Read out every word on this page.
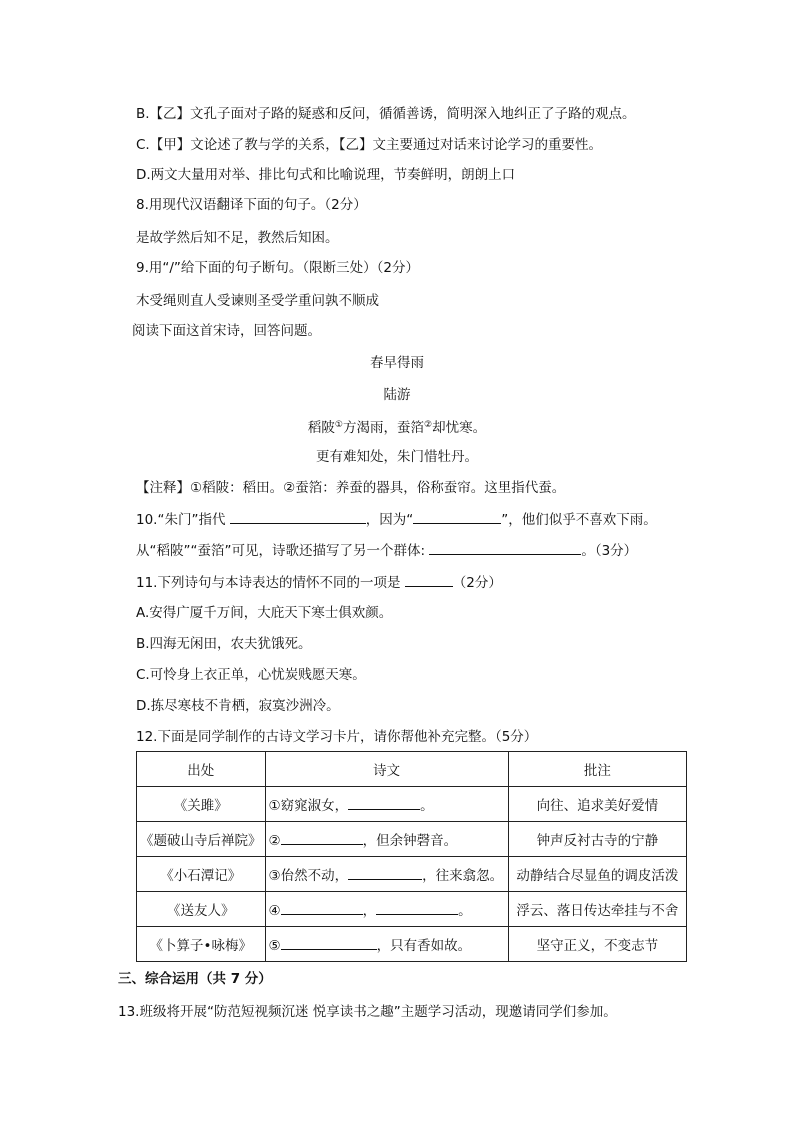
B.【乙】文孔子面对子路的疑惑和反问，循循善诱，简明深入地纠正了子路的观点。
C.【甲】文论述了教与学的关系，【乙】文主要通过对话来讨论学习的重要性。
D.两文大量用对举、排比句式和比喻说理，节奏鲜明，朗朗上口
8.用现代汉语翻译下面的句子。（2分）
是故学然后知不足，教然后知困。
9.用“/”给下面的句子断句。（限断三处）（2分）
木受绳则直人受谏则圣受学重问孰不顺成
阅读下面这首宋诗，回答问题。
春早得雨
陆游
稻陂①方渴雨，蚕箔②却忧寒。
更有难知处，朱门惜牡丹。
【注释】①稻陂：稻田。②蚕箔：养蚕的器具，俗称蚕帘。这里指代蚕。
10.“朱门”指代	，因为“	”，他们似乎不喜欢下雨。
从“稻陂”“蚕箔”可见，诗歌还描写了另一个群体:	。（3分）
11.下列诗句与本诗表达的情怀不同的一项是	（2分）
A.安得广厦千万间，大庇天下寒士俱欢颜。
B.四海无闲田，农夫犹饿死。
C.可怜身上衣正单，心忧炭贱愿天寒。
D.拣尽寒枝不肯栖，寂寞沙洲冷。
12.下面是同学制作的古诗文学习卡片，请你帮他补充完整。（5分）
出处	诗文	批注
《关雎》	①窈窕淑女， 。	向往、追求美好爱情
《题破山寺后禅院》	② ，但余钟磬音。	钟声反衬古寺的宁静
《小石潭记》	③佁然不动， ，往来翕忽。	动静结合尽显鱼的调皮活泼
《送友人》	④ ， 。	浮云、落日传达牵挂与不舍
《卜算子•咏梅》	⑤ ，只有香如故。	坚守正义，不变志节
三、综合运用（共 7 分）
13.班级将开展“防范短视频沉迷 悦享读书之趣”主题学习活动，现邀请同学们参加。
